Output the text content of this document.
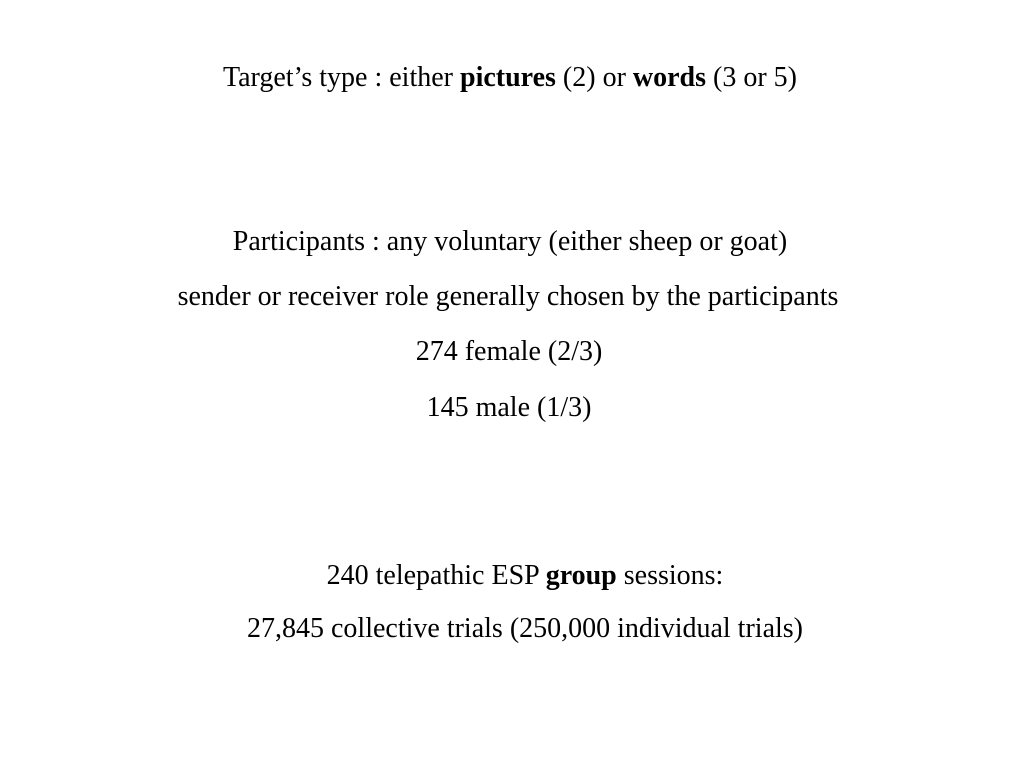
Target’s type : either pictures (2) or words (3 or 5)
Participants : any voluntary (either sheep or goat)
sender or receiver role generally chosen by the participants
274 female (2/3)
145 male (1/3)
240 telepathic ESP group sessions:
27,845 collective trials (250,000 individual trials)
